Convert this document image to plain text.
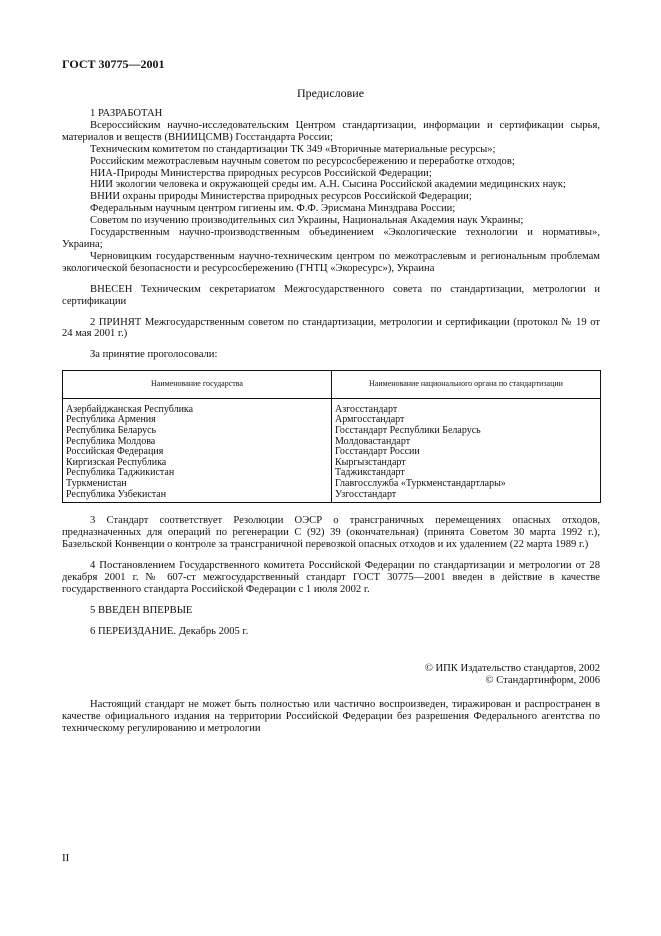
ГОСТ 30775—2001
Предисловие

1 РАЗРАБОТАН

Всероссийским научно-исследовательским Центром стандартизации, информации и сертификации сырья, материалов и веществ (ВНИИЦСМВ) Госстандарта России;

Техническим комитетом по стандартизации ТК 349 «Вторичные материальные ресурсы»;

Российским межотраслевым научным советом по ресурсосбережению и переработке отходов;

НИА-Природы Министерства природных ресурсов Российской Федерации;

НИИ экологии человека и окружающей среды им. А.Н. Сысина Российской академии медицинских наук;

ВНИИ охраны природы Министерства природных ресурсов Российской Федерации;

Федеральным научным центром гигиены им. Ф.Ф. Эрисмана Минздрава России;

Советом по изучению производительных сил Украины, Национальная Академия наук Украины;

Государственным научно-производственным объединением «Экологические технологии и нормативы», Украина;

Черновицким государственным научно-техническим центром по межотраслевым и региональным проблемам экологической безопасности и ресурсосбережению (ГНТЦ «Экоресурс»), Украина

ВНЕСЕН Техническим секретариатом Межгосударственного совета по стандартизации, метрологии и сертификации

2 ПРИНЯТ Межгосударственным советом по стандартизации, метрологии и сертификации (протокол № 19 от 24 мая 2001 г.)

За принятие проголосовали:

Наименование государства	Наименование национального органа по стандартизации
Азербайджанская Республика	Азгосстандарт
Республика Армения	Армгосстандарт
Республика Беларусь	Госстандарт Республики Беларусь
Республика Молдова	Молдовастандарт
Российская Федерация	Госстандарт России
Киргизская Республика	Кыргызстандарт
Республика Таджикистан	Таджикстандарт
Туркменистан	Главгосслужба «Туркменстандартлары»
Республика Узбекистан	Узгосстандарт

3 Стандарт соответствует Резолюции ОЭСР о трансграничных перемещениях опасных отходов, предназначенных для операций по регенерации С (92) 39 (окончательная) (принята Советом 30 марта 1992 г.), Базельской Конвенции о контроле за трансграничной перевозкой опасных отходов и их удалением (22 марта 1989 г.)

4 Постановлением Государственного комитета Российской Федерации по стандартизации и метрологии от 28 декабря 2001 г. № 607-ст межгосударственный стандарт ГОСТ 30775—2001 введен в действие в качестве государственного стандарта Российской Федерации с 1 июля 2002 г.

5 ВВЕДЕН ВПЕРВЫЕ

6 ПЕРЕИЗДАНИЕ. Декабрь 2005 г.

© ИПК Издательство стандартов, 2002

© Стандартинформ, 2006

Настоящий стандарт не может быть полностью или частично воспроизведен, тиражирован и распространен в качестве официального издания на территории Российской Федерации без разрешения Федерального агентства по техническому регулированию и метрологии

II
